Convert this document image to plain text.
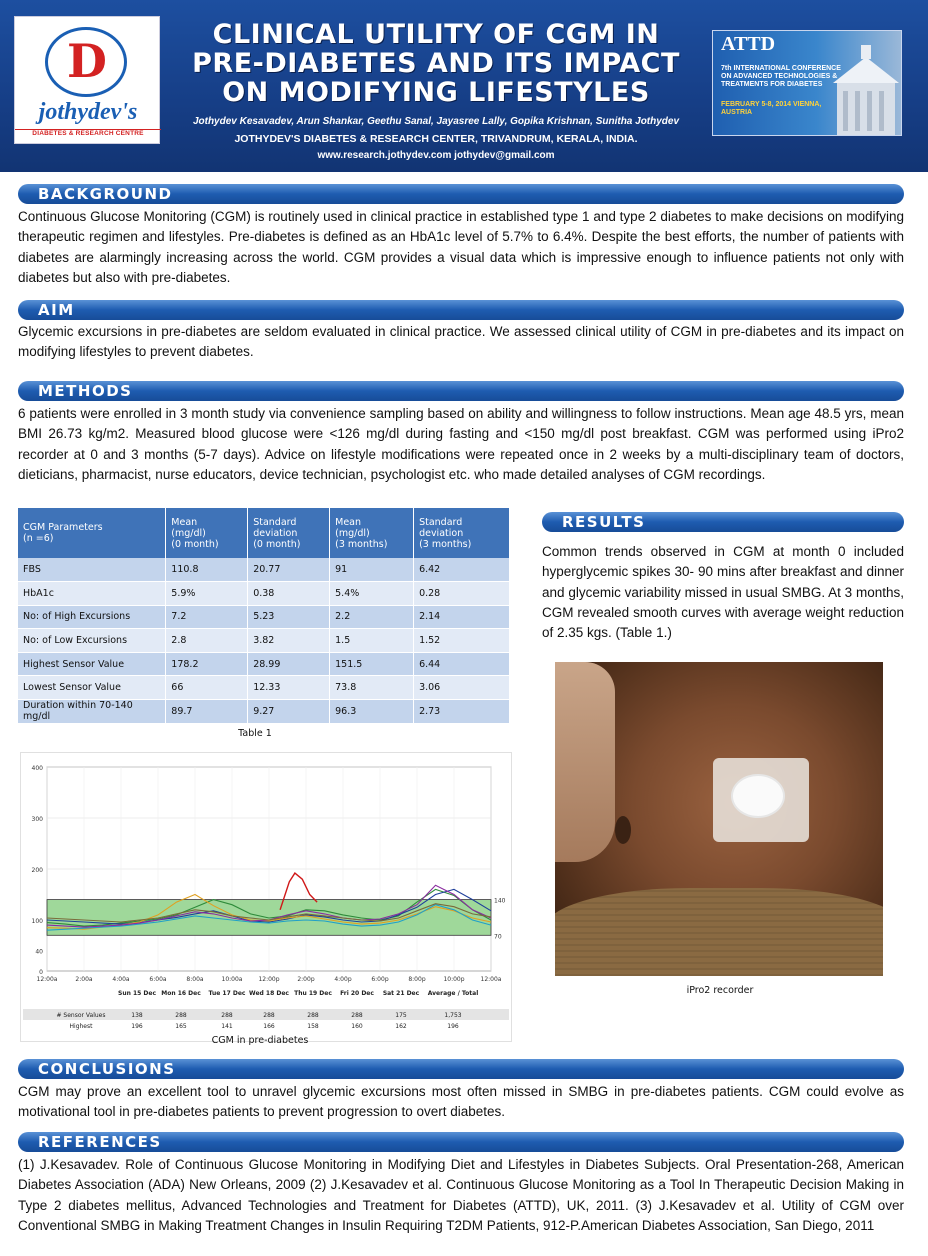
D
jothydev's
DIABETES & RESEARCH CENTRE
CLINICAL UTILITY OF CGM IN
PRE-DIABETES AND ITS IMPACT
ON MODIFYING LIFESTYLES
Jothydev Kesavadev, Arun Shankar, Geethu Sanal, Jayasree Lally, Gopika Krishnan, Sunitha Jothydev
JOTHYDEV'S DIABETES & RESEARCH CENTER, TRIVANDRUM, KERALA, INDIA.
www.research.jothydev.com jothydev@gmail.com
ATTD
7th INTERNATIONAL CONFERENCE ON ADVANCED TECHNOLOGIES & TREATMENTS FOR DIABETES
FEBRUARY 5-8, 2014 VIENNA, AUSTRIA
BACKGROUND
Continuous Glucose Monitoring (CGM) is routinely used in clinical practice in established type 1 and type 2 diabetes to make decisions on modifying therapeutic regimen and lifestyles. Pre-diabetes is defined as an HbA1c level of 5.7% to 6.4%. Despite the best efforts, the number of patients with diabetes are alarmingly increasing across the world. CGM provides a visual data which is impressive enough to influence patients not only with diabetes but also with pre-diabetes.
AIM
Glycemic excursions in pre-diabetes are seldom evaluated in clinical practice. We assessed clinical utility of CGM in pre-diabetes and its impact on modifying lifestyles to prevent diabetes.
METHODS
6 patients were enrolled in 3 month study via convenience sampling based on ability and willingness to follow instructions. Mean age 48.5 yrs, mean BMI 26.73 kg/m2. Measured blood glucose were <126 mg/dl during fasting and <150 mg/dl post breakfast. CGM was performed using iPro2 recorder at 0 and 3 months (5-7 days). Advice on lifestyle modifications were repeated once in 2 weeks by a multi-disciplinary team of doctors, dieticians, pharmacist, nurse educators, device technician, psychologist etc. who made detailed analyses of CGM recordings.
CGM Parameters
(n =6)	Mean
(mg/dl)
(0 month)	Standard
deviation
(0 month)	Mean
(mg/dl)
(3 months)	Standard
deviation
(3 months)
FBS	110.8	20.77	91	6.42
HbA1c	5.9%	0.38	5.4%	0.28
No: of High Excursions	7.2	5.23	2.2	2.14
No: of Low Excursions	2.8	3.82	1.5	1.52
Highest Sensor Value	178.2	28.99	151.5	6.44
Lowest Sensor Value	66	12.33	73.8	3.06
Duration within 70-140 mg/dl	89.7	9.27	96.3	2.73
Table 1
400
300
200
100
40
0
12:00a	2:00a	4:00a	6:00a	8:00a	10:00a	12:00p	2:00p	4:00p	6:00p	8:00p	10:00p	12:00a
140
70
Sun 15 Dec Mon 16 Dec Tue 17 Dec Wed 18 Dec Thu 19 Dec Fri 20 Dec Sat 21 Dec Average / Total
# Sensor Values	138	288	288	288	288	288	175	1,753
Highest	196	165	141	166	158	160	162	196
CGM in pre-diabetes
RESULTS
Common trends observed in CGM at month 0 included hyperglycemic spikes 30- 90 mins after breakfast and dinner and glycemic variability missed in usual SMBG. At 3 months, CGM revealed smooth curves with average weight reduction of 2.35 kgs. (Table 1.)
iPro2 recorder
CONCLUSIONS
CGM may prove an excellent tool to unravel glycemic excursions most often missed in SMBG in pre-diabetes patients. CGM could evolve as motivational tool in pre-diabetes patients to prevent progression to overt diabetes.
REFERENCES
(1) J.Kesavadev. Role of Continuous Glucose Monitoring in Modifying Diet and Lifestyles in Diabetes Subjects. Oral Presentation-268, American Diabetes Association (ADA) New Orleans, 2009 (2) J.Kesavadev et al. Continuous Glucose Monitoring as a Tool In Therapeutic Decision Making in Type 2 diabetes mellitus, Advanced Technologies and Treatment for Diabetes (ATTD), UK, 2011. (3) J.Kesavadev et al. Utility of CGM over Conventional SMBG in Making Treatment Changes in Insulin Requiring T2DM Patients, 912-P.American Diabetes Association, San Diego, 2011
